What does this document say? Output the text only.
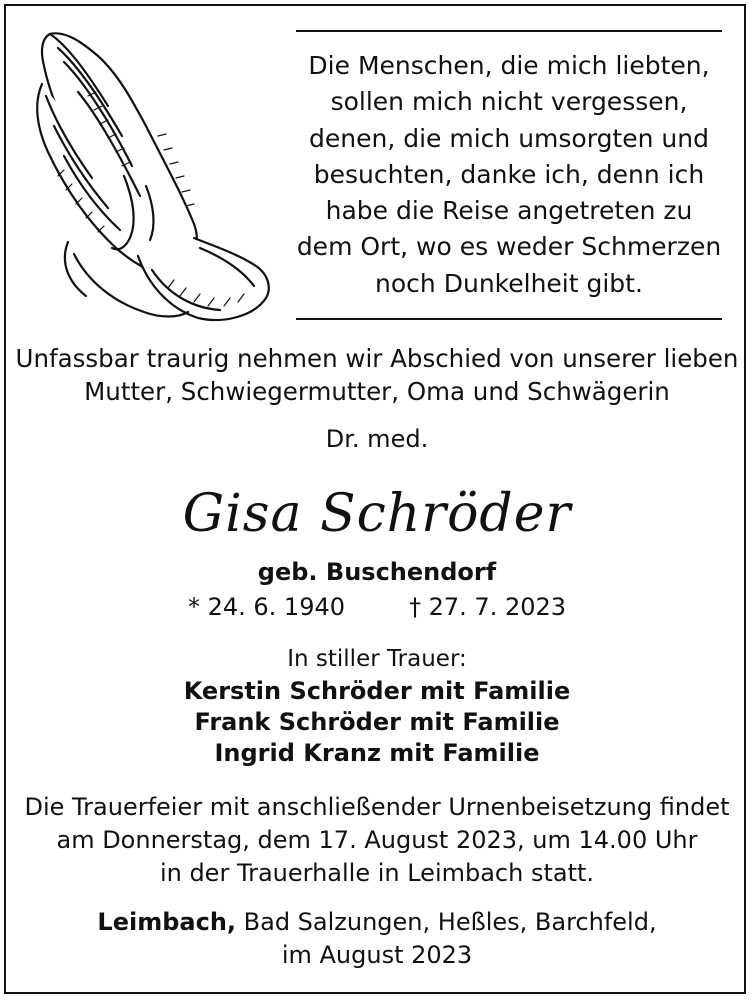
Die Menschen, die mich liebten,
sollen mich nicht vergessen,
denen, die mich umsorgten und
besuchten, danke ich, denn ich
habe die Reise angetreten zu
dem Ort, wo es weder Schmerzen
noch Dunkelheit gibt.
Unfassbar traurig nehmen wir Abschied von unserer lieben
Mutter, Schwiegermutter, Oma und Schwägerin
Dr. med.
Gisa Schröder
geb. Buschendorf
* 24. 6. 1940	† 27. 7. 2023
In stiller Trauer:
Kerstin Schröder mit Familie
Frank Schröder mit Familie
Ingrid Kranz mit Familie
Die Trauerfeier mit anschließender Urnenbeisetzung findet
am Donnerstag, dem 17. August 2023, um 14.00 Uhr
in der Trauerhalle in Leimbach statt.
Leimbach, Bad Salzungen, Heßles, Barchfeld,
im August 2023
